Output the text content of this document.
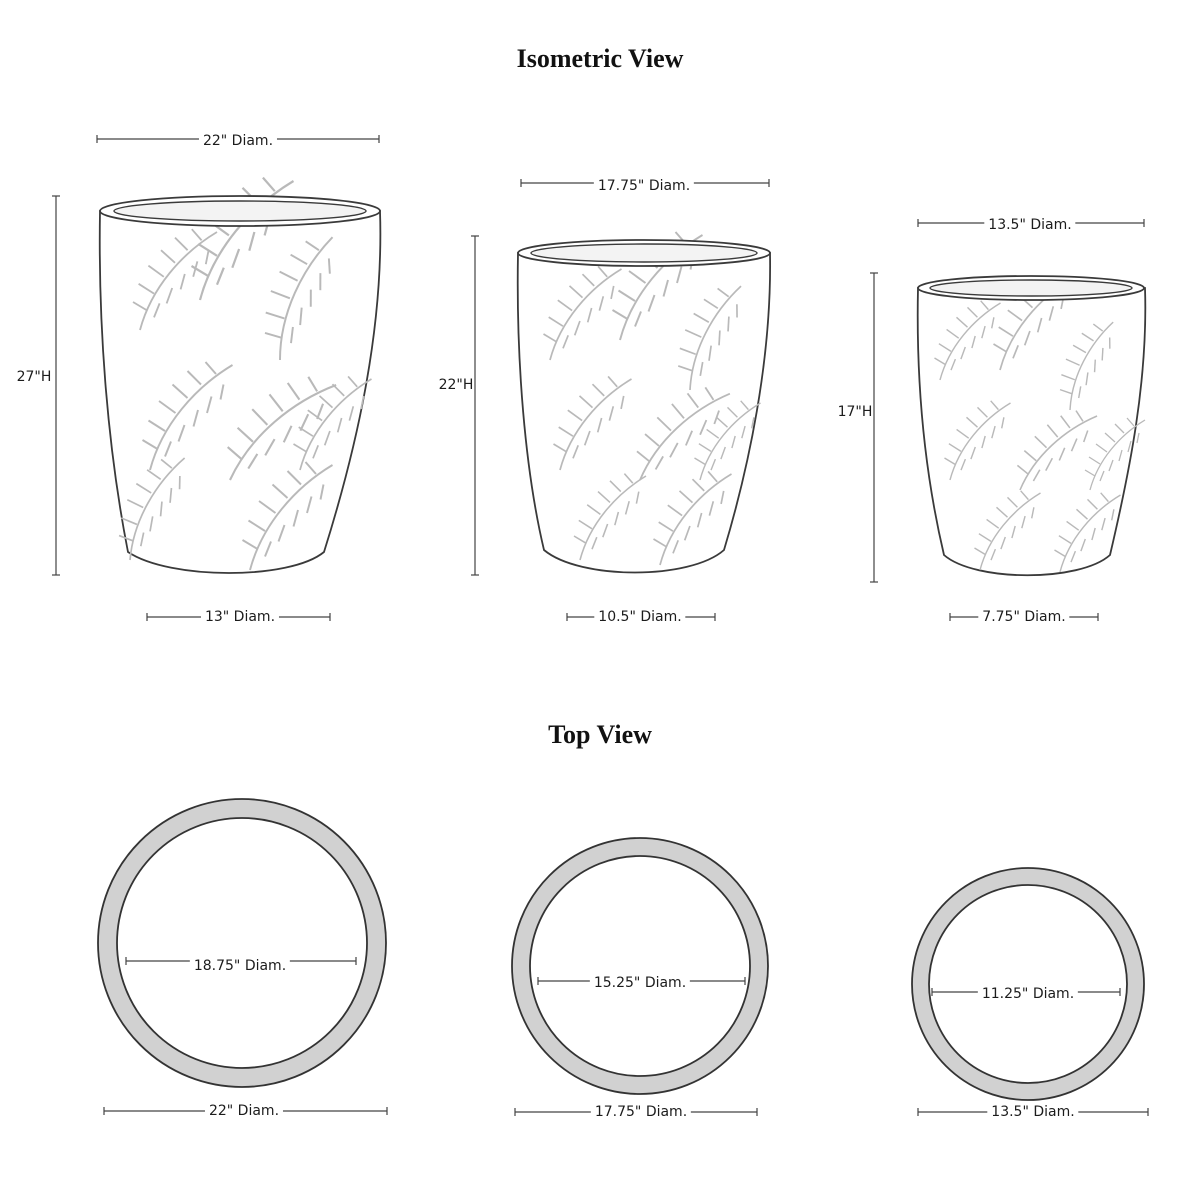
Isometric View
Top View
22" Diam.
27"H
13" Diam.
17.75" Diam.
22"H
10.5" Diam.
13.5" Diam.
17"H
7.75" Diam.
18.75" Diam.
22" Diam.
15.25" Diam.
17.75" Diam.
11.25" Diam.
13.5" Diam.
